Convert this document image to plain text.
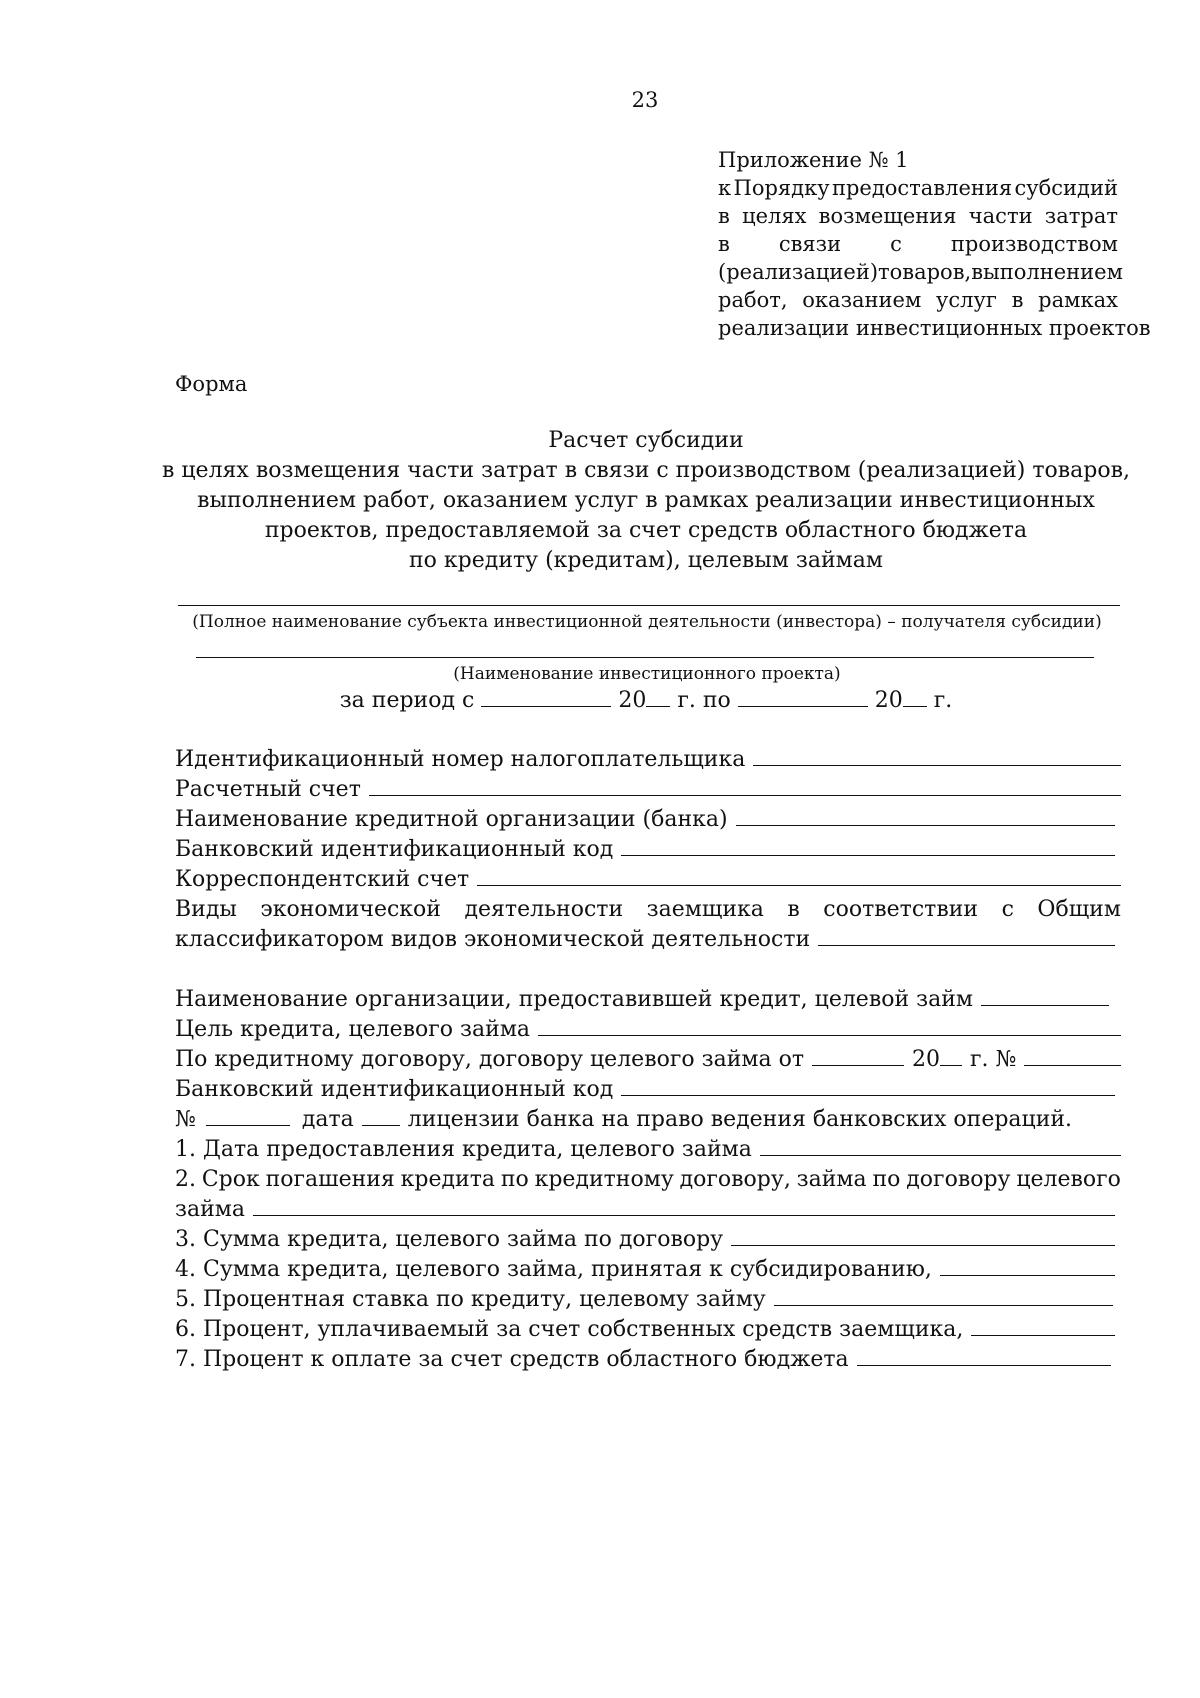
23
Приложение № 1
к Порядку предоставления субсидий
в целях возмещения части затрат
в связи с производством
(реализацией) товаров, выполнением
работ, оказанием услуг в рамках
реализации инвестиционных проектов
Форма
Расчет субсидии
в целях возмещения части затрат в связи с производством (реализацией) товаров,
выполнением работ, оказанием услуг в рамках реализации инвестиционных
проектов, предоставляемой за счет средств областного бюджета
по кредиту (кредитам), целевым займам
(Полное наименование субъекта инвестиционной деятельности (инвестора) – получателя субсидии)
(Наименование инвестиционного проекта)
за период с	20 г. по	20 г.
Идентификационный номер налогоплательщика
Расчетный счет
Наименование кредитной организации (банка)
Банковский идентификационный код
Корреспондентский счет
Виды экономической деятельности заемщика в соответствии с Общим
классификатором видов экономической деятельности
Наименование организации, предоставившей кредит, целевой займ
Цель кредита, целевого займа
По кредитному договору, договору целевого займа от	20 г. №
Банковский идентификационный код
№	дата лицензии банка на право ведения банковских операций.
1. Дата предоставления кредита, целевого займа
2. Срок погашения кредита по кредитному договору, займа по договору целевого
займа
3. Сумма кредита, целевого займа по договору
4. Сумма кредита, целевого займа, принятая к субсидированию,
5. Процентная ставка по кредиту, целевому займу
6. Процент, уплачиваемый за счет собственных средств заемщика,
7. Процент к оплате за счет средств областного бюджета
